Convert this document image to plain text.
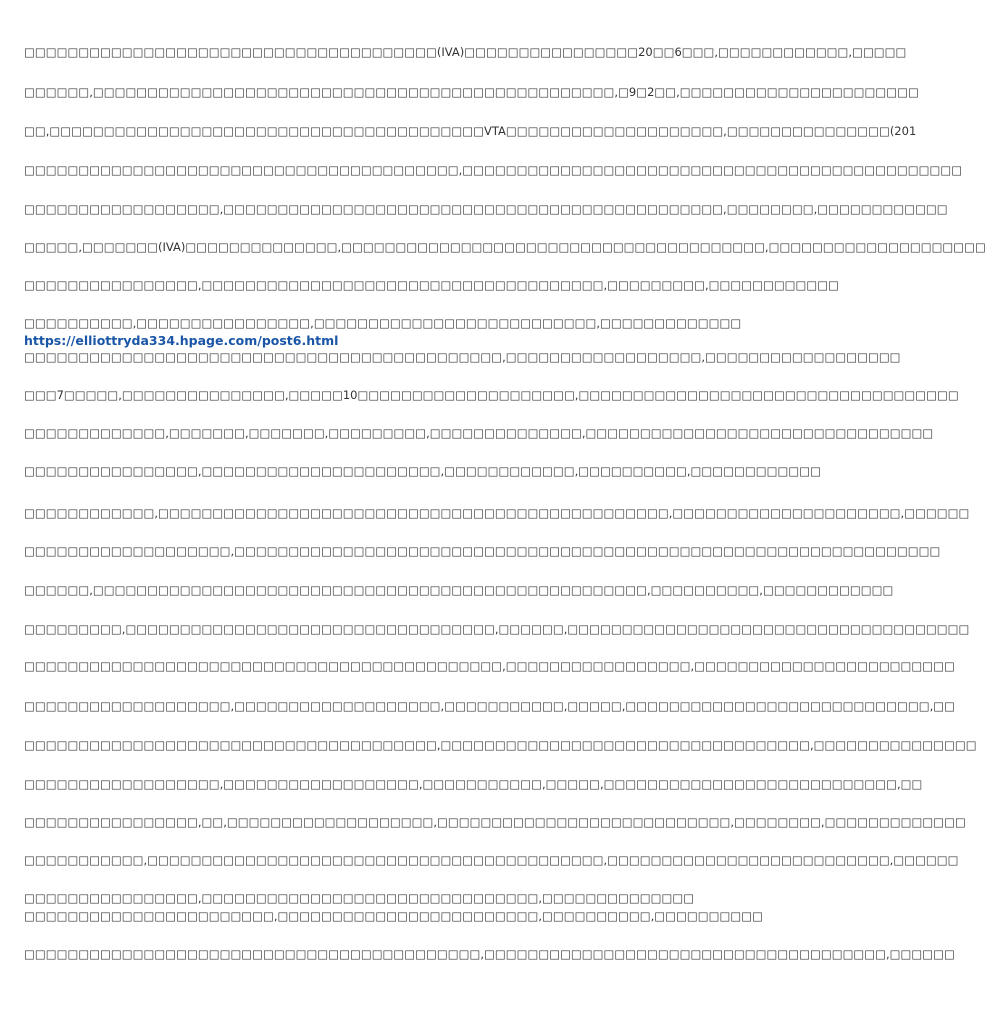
□□□□□□□□□□□□□□□□□□□□□□□□□□□□□□□□□□□□□□(IVA)□□□□□□□□□□□□□□□□20□□6□□□,□□□□□□□□□□□□,□□□□□
□□□□□□,□□□□□□□□□□□□□□□□□□□□□□□□□□□□□□□□□□□□□□□□□□□□□□□□,□9□2□□,□□□□□□□□□□□□□□□□□□□□□□
□□,□□□□□□□□□□□□□□□□□□□□□□□□□□□□□□□□□□□□□□□□VTA□□□□□□□□□□□□□□□□□□□□,□□□□□□□□□□□□□□□(201
□□□□□□□□□□□□□□□□□□□□□□□□□□□□□□□□□□□□□□□□,□□□□□□□□□□□□□□□□□□□□□□□□□□□□□□□□□□□□□□□□□□□□□□
□□□□□□□□□□□□□□□□□□,□□□□□□□□□□□□□□□□□□□□□□□□□□□□□□□□□□□□□□□□□□□□□□,□□□□□□□□,□□□□□□□□□□□□
□□□□□,□□□□□□□(IVA)□□□□□□□□□□□□□□,□□□□□□□□□□□□□□□□□□□□□□□□□□□□□□□□□□□□□□□,□□□□□□□□□□□□□□□□□□□□
□□□□□□□□□□□□□□□□,□□□□□□□□□□□□□□□□□□□□□□□□□□□□□□□□□□□□□,□□□□□□□□□,□□□□□□□□□□□□
□□□□□□□□□□,□□□□□□□□□□□□□□□□,□□□□□□□□□□□□□□□□□□□□□□□□□□,□□□□□□□□□□□□□
https://elliottryda334.hpage.com/post6.html
□□□□□□□□□□□□□□□□□□□□□□□□□□□□□□□□□□□□□□□□□□□□,□□□□□□□□□□□□□□□□□□,□□□□□□□□□□□□□□□□□□
□□□7□□□□□,□□□□□□□□□□□□□□□,□□□□□10□□□□□□□□□□□□□□□□□□□□,□□□□□□□□□□□□□□□□□□□□□□□□□□□□□□□□□□□
□□□□□□□□□□□□□,□□□□□□□,□□□□□□□,□□□□□□□□□,□□□□□□□□□□□□□□,□□□□□□□□□□□□□□□□□□□□□□□□□□□□□□□□
□□□□□□□□□□□□□□□□,□□□□□□□□□□□□□□□□□□□□□□,□□□□□□□□□□□□,□□□□□□□□□□,□□□□□□□□□□□□
□□□□□□□□□□□□,□□□□□□□□□□□□□□□□□□□□□□□□□□□□□□□□□□□□□□□□□□□□□□□,□□□□□□□□□□□□□□□□□□□□□,□□□□□□
□□□□□□□□□□□□□□□□□□□,□□□□□□□□□□□□□□□□□□□□□□□□□□□□□□□□□□□□□□□□□□□□□□□□□□□□□□□□□□□□□□□□□
□□□□□□,□□□□□□□□□□□□□□□□□□□□□□□□□□□□□□□□□□□□□□□□□□□□□□□□□□□,□□□□□□□□□□,□□□□□□□□□□□□
□□□□□□□□□,□□□□□□□□□□□□□□□□□□□□□□□□□□□□□□□□□□,□□□□□□,□□□□□□□□□□□□□□□□□□□□□□□□□□□□□□□□□□□□□
□□□□□□□□□□□□□□□□□□□□□□□□□□□□□□□□□□□□□□□□□□□□,□□□□□□□□□□□□□□□□□,□□□□□□□□□□□□□□□□□□□□□□□□
□□□□□□□□□□□□□□□□□□□,□□□□□□□□□□□□□□□□□□□,□□□□□□□□□□□,□□□□□,□□□□□□□□□□□□□□□□□□□□□□□□□□□□,□□
□□□□□□□□□□□□□□□□□□□□□□□□□□□□□□□□□□□□□□,□□□□□□□□□□□□□□□□□□□□□□□□□□□□□□□□□□,□□□□□□□□□□□□□□□
□□□□□□□□□□□□□□□□□□,□□□□□□□□□□□□□□□□□□,□□□□□□□□□□□,□□□□□,□□□□□□□□□□□□□□□□□□□□□□□□□□□,□□
□□□□□□□□□□□□□□□□,□□,□□□□□□□□□□□□□□□□□□□,□□□□□□□□□□□□□□□□□□□□□□□□□□□,□□□□□□□□,□□□□□□□□□□□□□
□□□□□□□□□□□,□□□□□□□□□□□□□□□□□□□□□□□□□□□□□□□□□□□□□□□□□□,□□□□□□□□□□□□□□□□□□□□□□□□□□,□□□□□□
□□□□□□□□□□□□□□□□,□□□□□□□□□□□□□□□□□□□□□□□□□□□□□□□,□□□□□□□□□□□□□□
□□□□□□□□□□□□□□□□□□□□□□□,□□□□□□□□□□□□□□□□□□□□□□□□,□□□□□□□□□□,□□□□□□□□□□
□□□□□□□□□□□□□□□□□□□□□□□□□□□□□□□□□□□□□□□□□□,□□□□□□□□□□□□□□□□□□□□□□□□□□□□□□□□□□□□□,□□□□□□
